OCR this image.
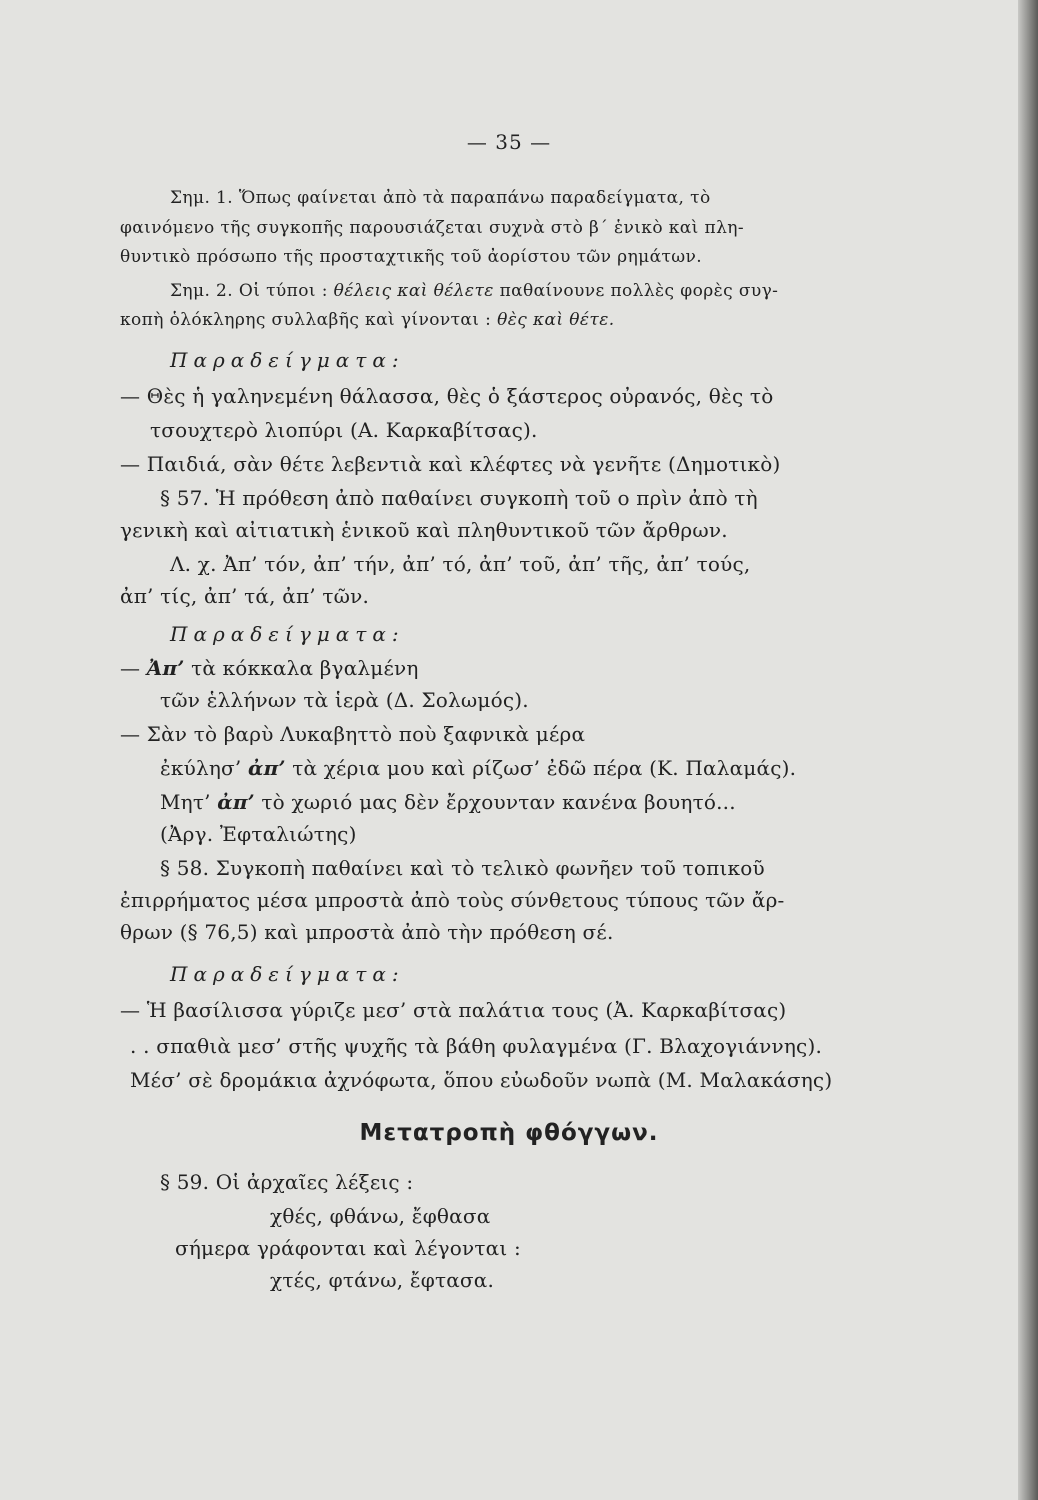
— 35 —
Σημ. 1. Ὅπως φαίνεται ἀπὸ τὰ παραπάνω παραδείγματα, τὸ
φαινόμενο τῆς συγκοπῆς παρουσιάζεται συχνὰ στὸ β΄ ἑνικὸ καὶ πλη-
θυντικὸ πρόσωπο τῆς προσταχτικῆς τοῦ ἀορίστου τῶν ρημάτων.
Σημ. 2. Οἱ τύποι : θέλεις καὶ θέλετε παθαίνουνε πολλὲς φορὲς συγ-
κοπὴ ὁλόκληρης συλλαβῆς καὶ γίνονται : θὲς καὶ θέτε.
Παραδείγματα:
— Θὲς ἡ γαληνεμένη θάλασσα, θὲς ὁ ξάστερος οὐρανός, θὲς τὸ
τσουχτερὸ λιοπύρι (Α. Καρκαβίτσας).
— Παιδιά, σὰν θέτε λεβεντιὰ καὶ κλέφτες νὰ γενῆτε (Δημοτικὸ)
§ 57. Ἡ πρόθεση ἀπὸ παθαίνει συγκοπὴ τοῦ ο πρὶν ἀπὸ τὴ
γενικὴ καὶ αἰτιατικὴ ἑνικοῦ καὶ πληθυντικοῦ τῶν ἄρθρων.
Λ. χ. Ἀπ’ τόν, ἀπ’ τήν, ἀπ’ τό, ἀπ’ τοῦ, ἀπ’ τῆς, ἀπ’ τούς,
ἀπ’ τίς, ἀπ’ τά, ἀπ’ τῶν.
Παραδείγματα:
— Ἀπ’ τὰ κόκκαλα βγαλμένη
τῶν ἑλλήνων τὰ ἱερὰ (Δ. Σολωμός).
— Σὰν τὸ βαρὺ Λυκαβηττὸ ποὺ ξαφνικὰ μέρα
ἐκύλησ’ ἀπ’ τὰ χέρια μου καὶ ρίζωσ’ ἐδῶ πέρα (Κ. Παλαμάς).
Μητ’ ἀπ’ τὸ χωριό μας δὲν ἔρχουνταν κανένα βουητό...
(Ἀργ. Ἐφταλιώτης)
§ 58. Συγκοπὴ παθαίνει καὶ τὸ τελικὸ φωνῆεν τοῦ τοπικοῦ
ἐπιρρήματος μέσα μπροστὰ ἀπὸ τοὺς σύνθετους τύπους τῶν ἄρ-
θρων (§ 76,5) καὶ μπροστὰ ἀπὸ τὴν πρόθεση σέ.
Παραδείγματα:
— Ἡ βασίλισσα γύριζε μεσ’ στὰ παλάτια τους (Ἀ. Καρκαβίτσας)
. . σπαθιὰ μεσ’ στῆς ψυχῆς τὰ βάθη φυλαγμένα (Γ. Βλαχογιάννης).
Μέσ’ σὲ δρομάκια ἀχνόφωτα, ὅπου εὐωδοῦν νωπὰ (Μ. Μαλακάσης)
Μετατροπὴ φθόγγων.
§ 59. Οἱ ἀρχαῖες λέξεις :
χθές, φθάνω, ἔφθασα
σήμερα γράφονται καὶ λέγονται :
χτές, φτάνω, ἔφτασα.
